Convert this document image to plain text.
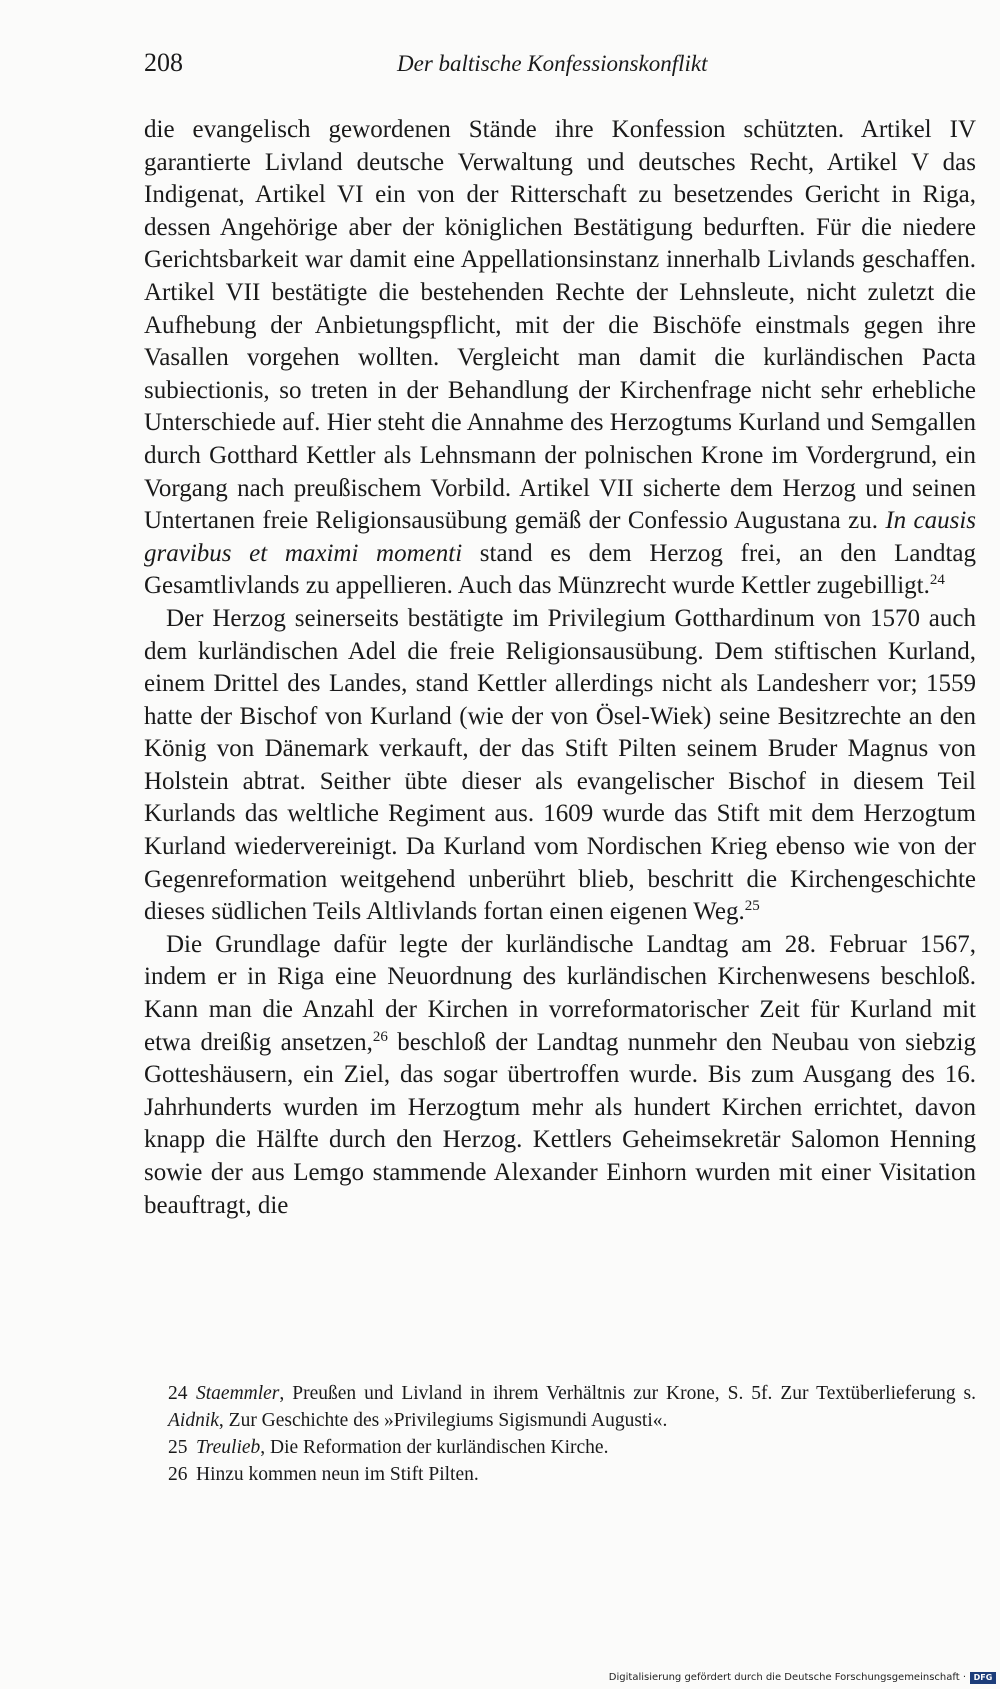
208	Der baltische Konfessionskonflikt

die evangelisch gewordenen Stände ihre Konfession schützten. Artikel IV garantierte Livland deutsche Verwaltung und deutsches Recht, Artikel V das Indigenat, Artikel VI ein von der Ritterschaft zu besetzendes Gericht in Riga, dessen Angehörige aber der königlichen Bestätigung bedurften. Für die niedere Gerichtsbarkeit war damit eine Appellationsinstanz innerhalb Livlands geschaffen. Artikel VII bestätigte die bestehenden Rechte der Lehnsleute, nicht zuletzt die Aufhebung der Anbietungspflicht, mit der die Bischöfe einstmals gegen ihre Vasallen vorgehen wollten. Vergleicht man damit die kurländischen Pacta subiectionis, so treten in der Behandlung der Kirchenfrage nicht sehr erhebliche Unterschiede auf. Hier steht die Annahme des Herzogtums Kurland und Semgallen durch Gotthard Kettler als Lehnsmann der polnischen Krone im Vordergrund, ein Vorgang nach preußischem Vorbild. Artikel VII sicherte dem Herzog und seinen Untertanen freie Religionsausübung gemäß der Confessio Augustana zu. In causis gravibus et maximi momenti stand es dem Herzog frei, an den Landtag Gesamtlivlands zu appellieren. Auch das Münzrecht wurde Kettler zugebilligt.$^{24}$

Der Herzog seinerseits bestätigte im Privilegium Gotthardinum von 1570 auch dem kurländischen Adel die freie Religionsausübung. Dem stiftischen Kurland, einem Drittel des Landes, stand Kettler allerdings nicht als Landesherr vor; 1559 hatte der Bischof von Kurland (wie der von Ösel-Wiek) seine Besitzrechte an den König von Dänemark verkauft, der das Stift Pilten seinem Bruder Magnus von Holstein abtrat. Seither übte dieser als evangelischer Bischof in diesem Teil Kurlands das weltliche Regiment aus. 1609 wurde das Stift mit dem Herzogtum Kurland wiedervereinigt. Da Kurland vom Nordischen Krieg ebenso wie von der Gegenreformation weitgehend unberührt blieb, beschritt die Kirchengeschichte dieses südlichen Teils Altlivlands fortan einen eigenen Weg.$^{25}$

Die Grundlage dafür legte der kurländische Landtag am 28. Februar 1567, indem er in Riga eine Neuordnung des kurländischen Kirchenwesens beschloß. Kann man die Anzahl der Kirchen in vorreformatorischer Zeit für Kurland mit etwa dreißig ansetzen,$^{26}$ beschloß der Landtag nunmehr den Neubau von siebzig Gotteshäusern, ein Ziel, das sogar übertroffen wurde. Bis zum Ausgang des 16. Jahrhunderts wurden im Herzogtum mehr als hundert Kirchen errichtet, davon knapp die Hälfte durch den Herzog. Kettlers Geheimsekretär Salomon Henning sowie der aus Lemgo stammende Alexander Einhorn wurden mit einer Visitation beauftragt, die

24 Staemmler, Preußen und Livland in ihrem Verhältnis zur Krone, S. 5f. Zur Textüberlieferung s. Aidnik, Zur Geschichte des »Privilegiums Sigismundi Augusti«.

25 Treulieb, Die Reformation der kurländischen Kirche.

26 Hinzu kommen neun im Stift Pilten.

Digitalisierung gefördert durch die Deutsche Forschungsgemeinschaft · DFG
